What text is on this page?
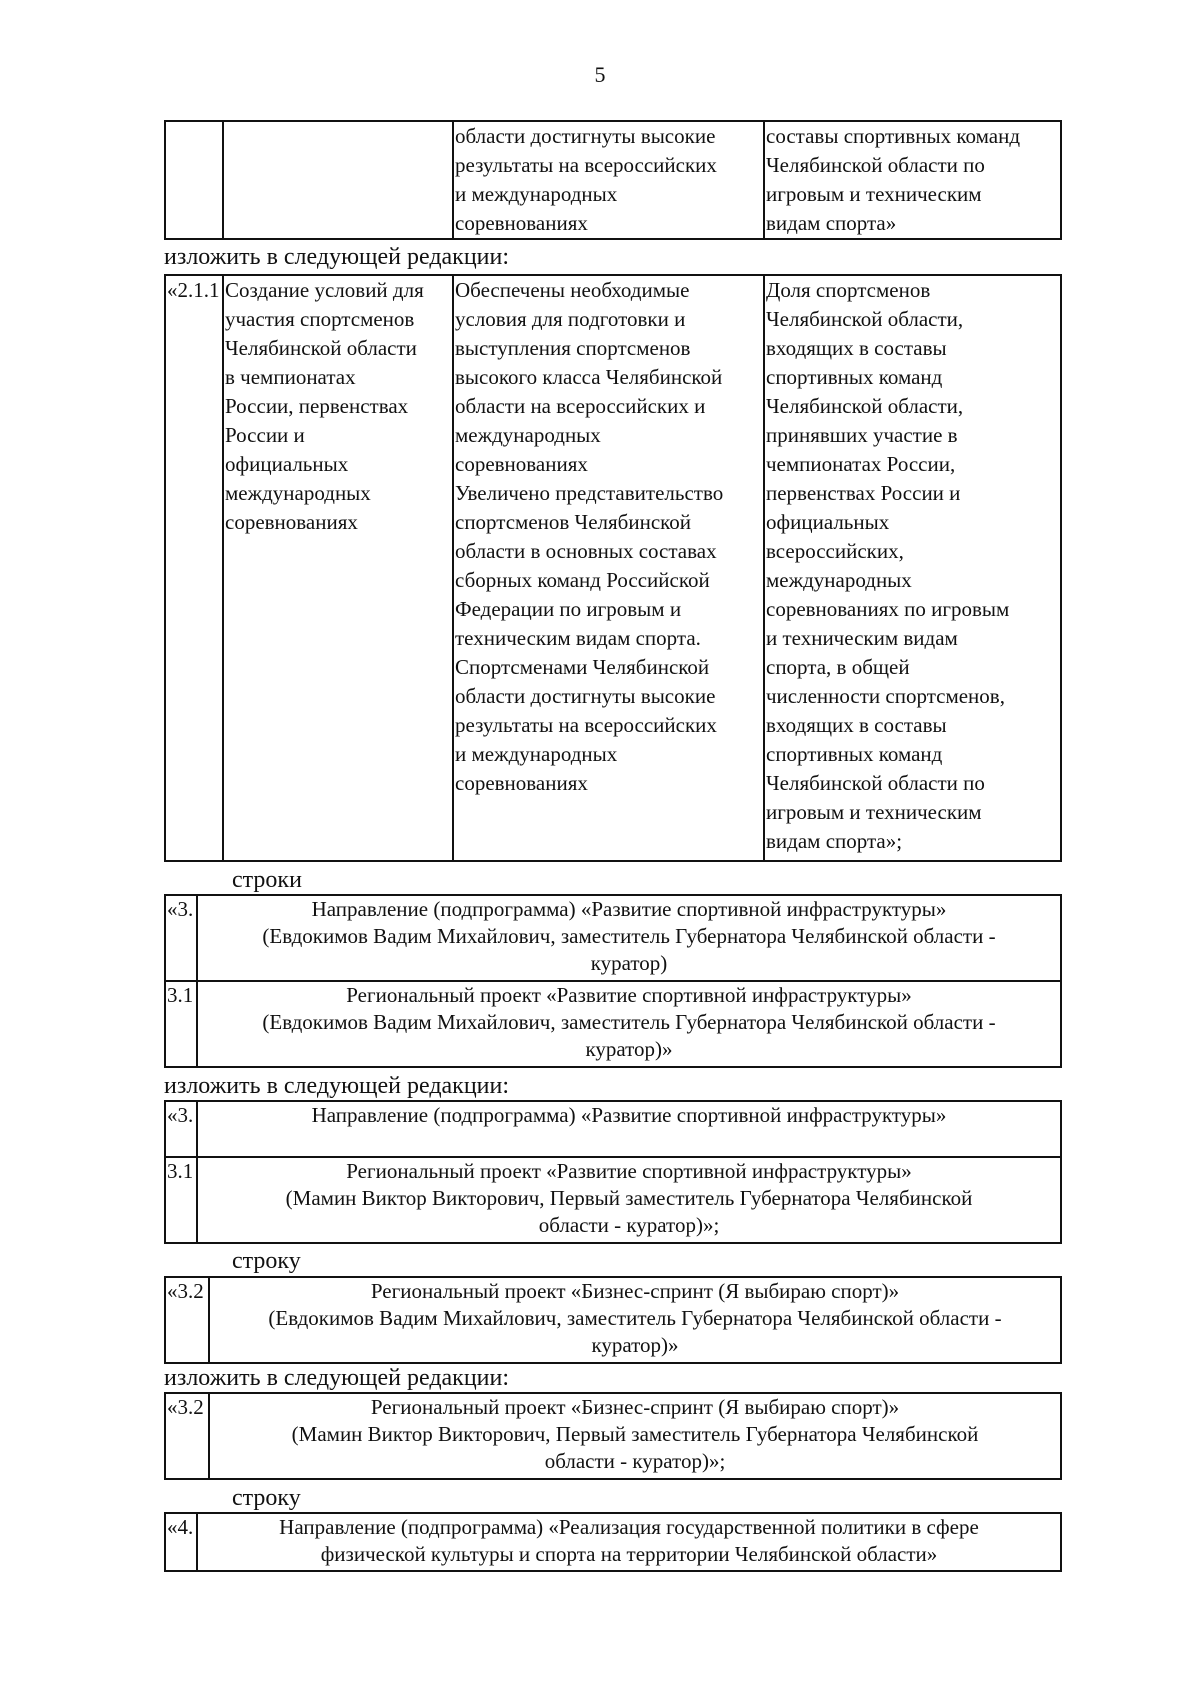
5
		области достигнуты высокие
результаты на всероссийских
и международных
соревнованиях	составы спортивных команд
Челябинской области по
игровым и техническим
видам спорта»
изложить в следующей редакции:
«2.1.1	Создание условий для
участия спортсменов
Челябинской области
в чемпионатах
России, первенствах
России и
официальных
международных
соревнованиях	Обеспечены необходимые
условия для подготовки и
выступления спортсменов
высокого класса Челябинской
области на всероссийских и
международных
соревнованиях
Увеличено представительство
спортсменов Челябинской
области в основных составах
сборных команд Российской
Федерации по игровым и
техническим видам спорта.
Спортсменами Челябинской
области достигнуты высокие
результаты на всероссийских
и международных
соревнованиях	Доля спортсменов
Челябинской области,
входящих в составы
спортивных команд
Челябинской области,
принявших участие в
чемпионатах России,
первенствах России и
официальных
всероссийских,
международных
соревнованиях по игровым
и техническим видам
спорта, в общей
численности спортсменов,
входящих в составы
спортивных команд
Челябинской области по
игровым и техническим
видам спорта»;
строки
«3.	Направление (подпрограмма) «Развитие спортивной инфраструктуры»
(Евдокимов Вадим Михайлович, заместитель Губернатора Челябинской области -
куратор)
3.1	Региональный проект «Развитие спортивной инфраструктуры»
(Евдокимов Вадим Михайлович, заместитель Губернатора Челябинской области -
куратор)»
изложить в следующей редакции:
«3.	Направление (подпрограмма) «Развитие спортивной инфраструктуры»
3.1	Региональный проект «Развитие спортивной инфраструктуры»
(Мамин Виктор Викторович, Первый заместитель Губернатора Челябинской
области - куратор)»;
строку
«3.2	Региональный проект «Бизнес-спринт (Я выбираю спорт)»
(Евдокимов Вадим Михайлович, заместитель Губернатора Челябинской области -
куратор)»
изложить в следующей редакции:
«3.2	Региональный проект «Бизнес-спринт (Я выбираю спорт)»
(Мамин Виктор Викторович, Первый заместитель Губернатора Челябинской
области - куратор)»;
строку
«4.	Направление (подпрограмма) «Реализация государственной политики в сфере
физической культуры и спорта на территории Челябинской области»
